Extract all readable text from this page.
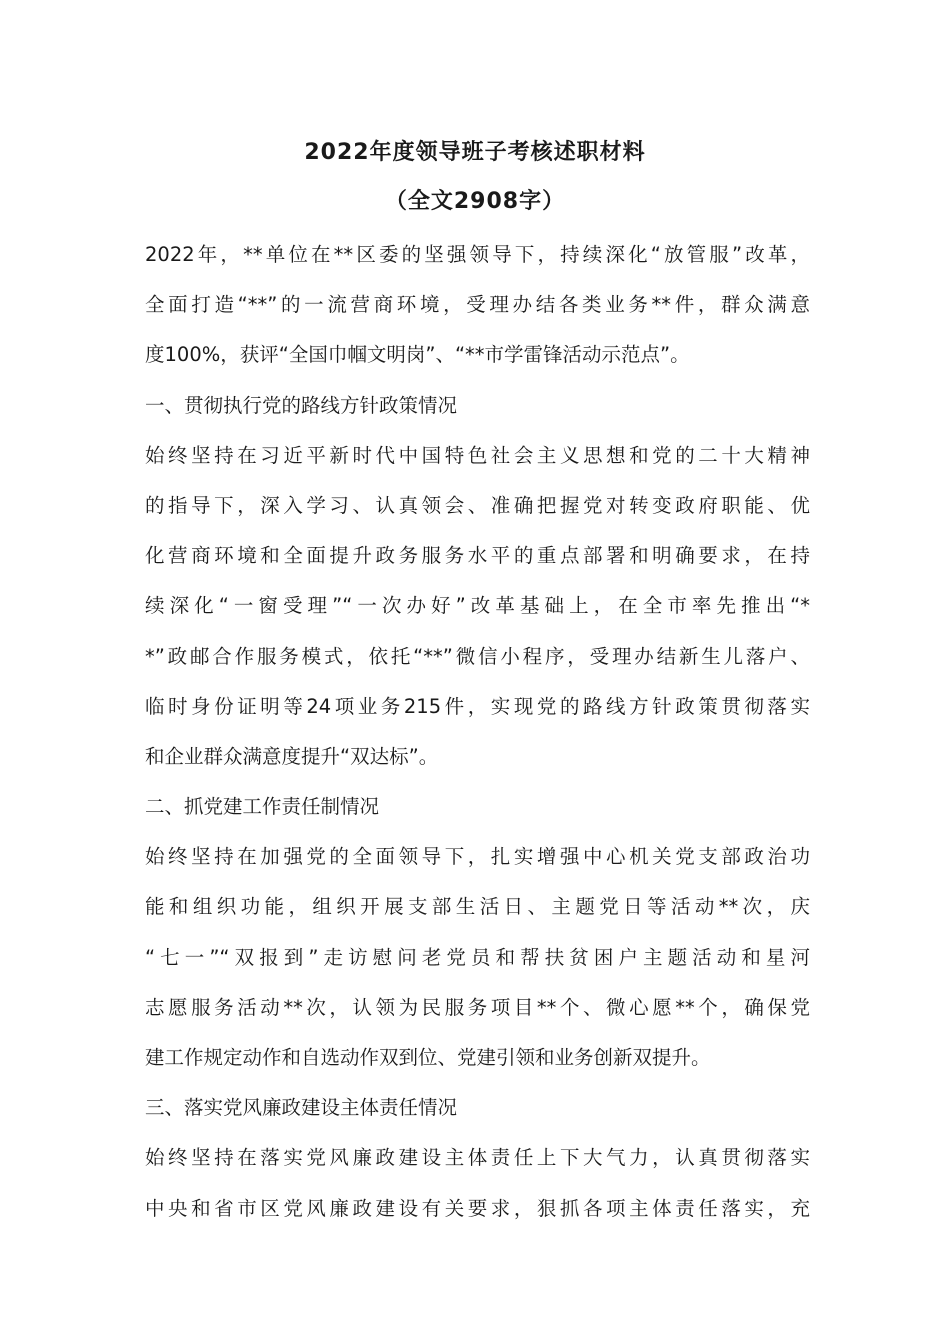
2022年度领导班子考核述职材料
（全文2908字）
2022年，**单位在**区委的坚强领导下，持续深化“放管服”改革，
全面打造“**”的一流营商环境，受理办结各类业务**件，群众满意
度100%，获评“全国巾帼文明岗”、“**市学雷锋活动示范点”。
一、贯彻执行党的路线方针政策情况
始终坚持在习近平新时代中国特色社会主义思想和党的二十大精神
的指导下，深入学习、认真领会、准确把握党对转变政府职能、优
化营商环境和全面提升政务服务水平的重点部署和明确要求，在持
续深化“一窗受理”“一次办好”改革基础上，在全市率先推出“*
*”政邮合作服务模式，依托“**”微信小程序，受理办结新生儿落户、
临时身份证明等24项业务215件，实现党的路线方针政策贯彻落实
和企业群众满意度提升“双达标”。
二、抓党建工作责任制情况
始终坚持在加强党的全面领导下，扎实增强中心机关党支部政治功
能和组织功能，组织开展支部生活日、主题党日等活动**次，庆
“七一”“双报到”走访慰问老党员和帮扶贫困户主题活动和星河
志愿服务活动**次，认领为民服务项目**个、微心愿**个，确保党
建工作规定动作和自选动作双到位、党建引领和业务创新双提升。
三、落实党风廉政建设主体责任情况
始终坚持在落实党风廉政建设主体责任上下大气力，认真贯彻落实
中央和省市区党风廉政建设有关要求，狠抓各项主体责任落实，充
